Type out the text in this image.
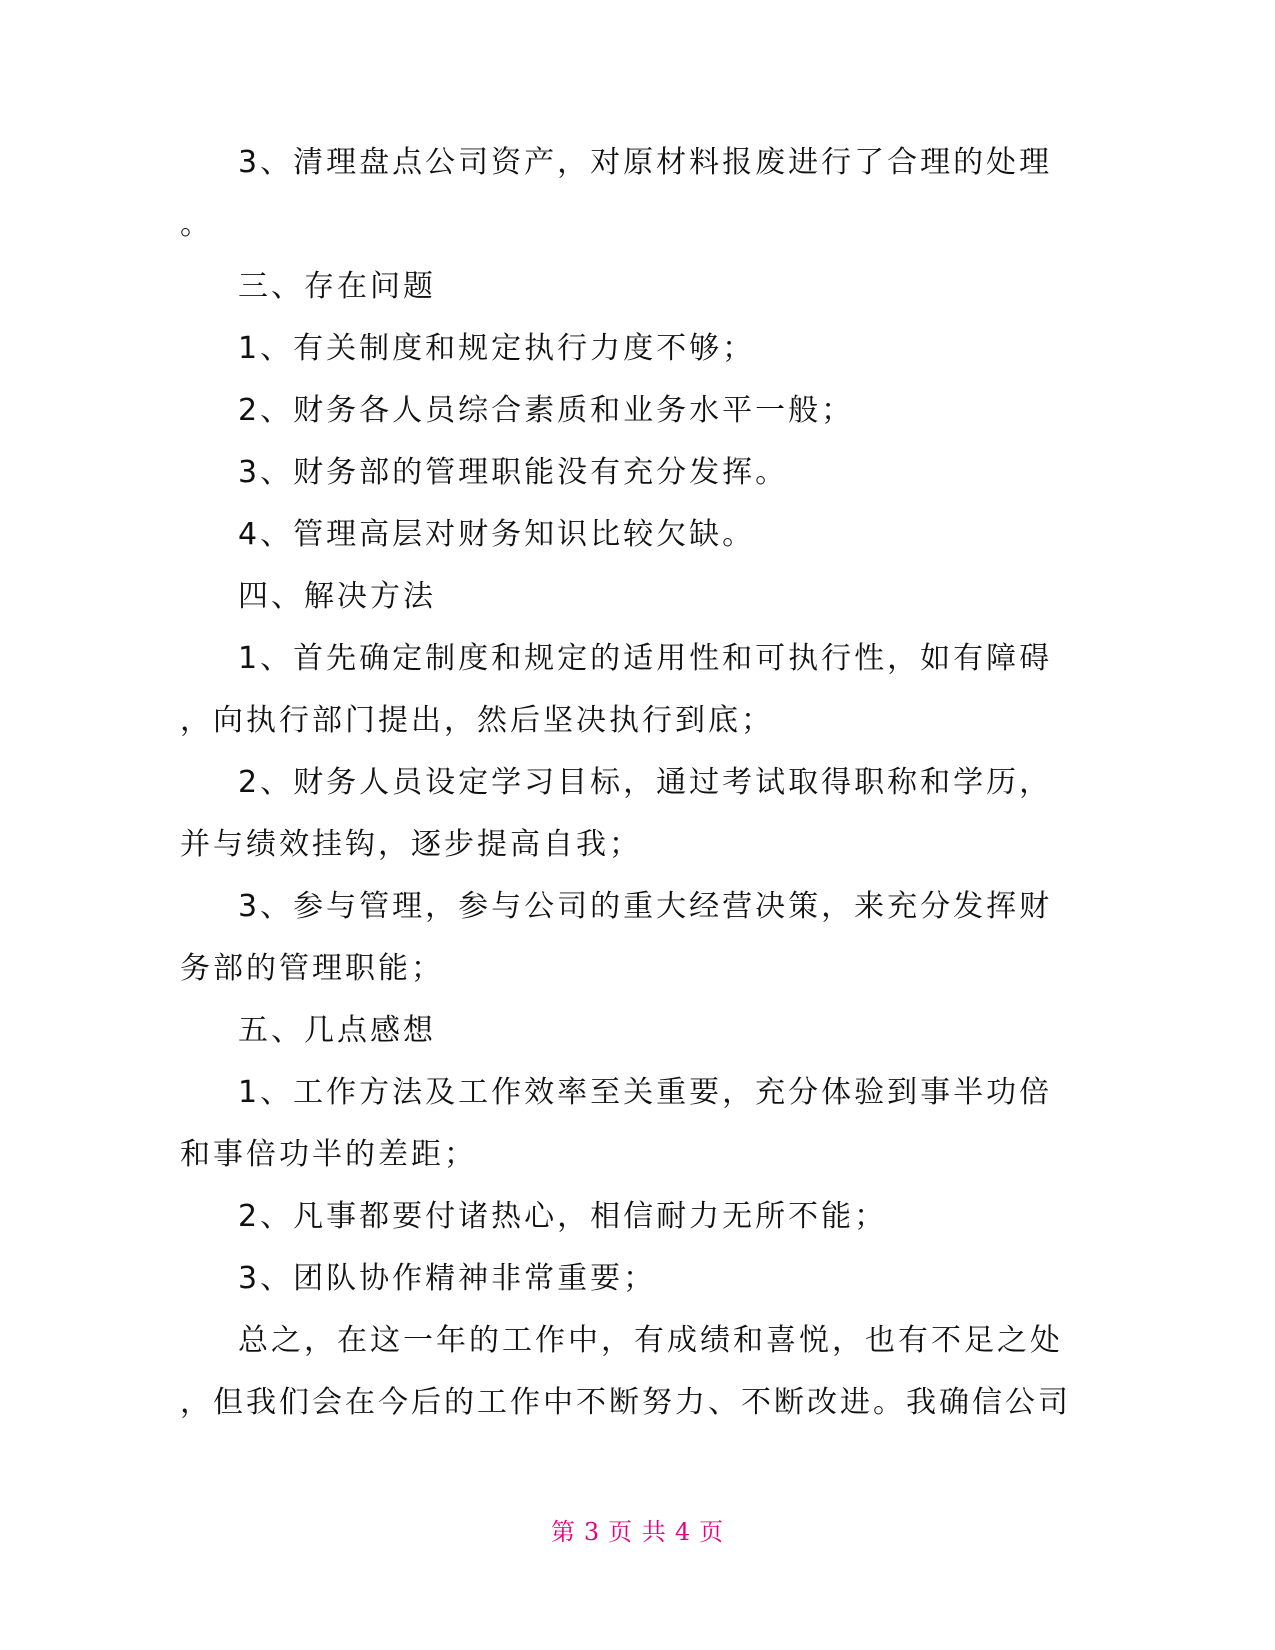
3、清理盘点公司资产，对原材料报废进行了合理的处理
。
三、存在问题
1、有关制度和规定执行力度不够；
2、财务各人员综合素质和业务水平一般；
3、财务部的管理职能没有充分发挥。
4、管理高层对财务知识比较欠缺。
四、解决方法
1、首先确定制度和规定的适用性和可执行性，如有障碍
，向执行部门提出，然后坚决执行到底；
2、财务人员设定学习目标，通过考试取得职称和学历，
并与绩效挂钩，逐步提高自我；
3、参与管理，参与公司的重大经营决策，来充分发挥财
务部的管理职能；
五、几点感想
1、工作方法及工作效率至关重要，充分体验到事半功倍
和事倍功半的差距；
2、凡事都要付诸热心，相信耐力无所不能；
3、团队协作精神非常重要；
总之，在这一年的工作中，有成绩和喜悦，也有不足之处
，但我们会在今后的工作中不断努力、不断改进。我确信公司
第 3 页 共 4 页
